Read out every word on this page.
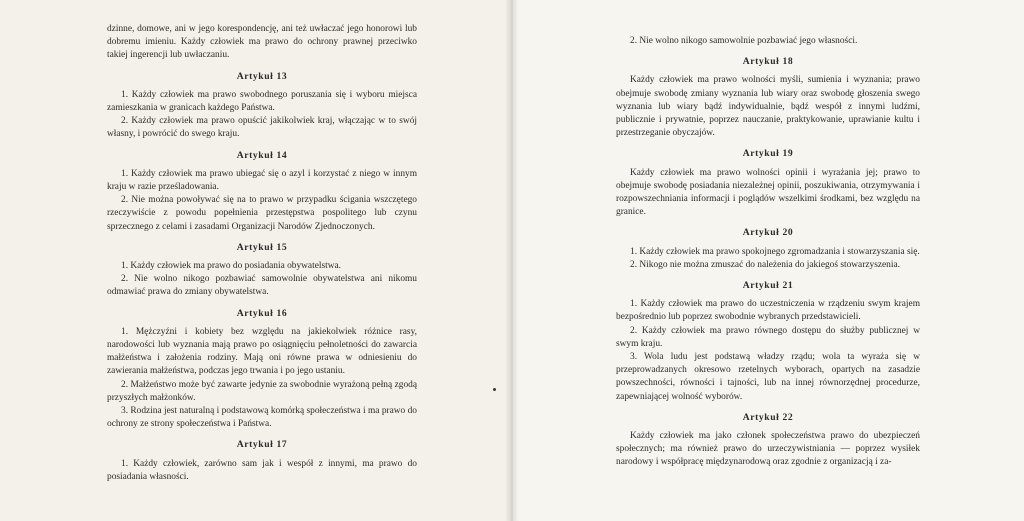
dzinne, domowe, ani w jego korespondencję, ani też uwłaczać jego honorowi lub dobremu imieniu. Każdy człowiek ma prawo do ochrony prawnej przeciwko takiej ingerencji lub uwłaczaniu.

Artykuł 13

1. Każdy człowiek ma prawo swobodnego poruszania się i wyboru miejsca zamieszkania w granicach każdego Państwa.

2. Każdy człowiek ma prawo opuścić jakikolwiek kraj, włączając w to swój własny, i powrócić do swego kraju.

Artykuł 14

1. Każdy człowiek ma prawo ubiegać się o azyl i korzystać z niego w innym kraju w razie prześladowania.

2. Nie można powoływać się na to prawo w przypadku ścigania wszczętego rzeczywiście z powodu popełnienia przestępstwa pospolitego lub czynu sprzecznego z celami i zasadami Organizacji Narodów Zjednoczonych.

Artykuł 15

1. Każdy człowiek ma prawo do posiadania obywatelstwa.

2. Nie wolno nikogo pozbawiać samowolnie obywatelstwa ani nikomu odmawiać prawa do zmiany obywatelstwa.

Artykuł 16

1. Mężczyźni i kobiety bez względu na jakiekolwiek różnice rasy, narodowości lub wyznania mają prawo po osiągnięciu pełnoletności do zawarcia małżeństwa i założenia rodziny. Mają oni równe prawa w odniesieniu do zawierania małżeństwa, podczas jego trwania i po jego ustaniu.

2. Małżeństwo może być zawarte jedynie za swobodnie wyrażoną pełną zgodą przyszłych małżonków.

3. Rodzina jest naturalną i podstawową komórką społeczeństwa i ma prawo do ochrony ze strony społeczeństwa i Państwa.

Artykuł 17

1. Każdy człowiek, zarówno sam jak i wespół z innymi, ma prawo do posiadania własności.

2. Nie wolno nikogo samowolnie pozbawiać jego własności.

Artykuł 18

Każdy człowiek ma prawo wolności myśli, sumienia i wyznania; prawo obejmuje swobodę zmiany wyznania lub wiary oraz swobodę głoszenia swego wyznania lub wiary bądź indywidualnie, bądź wespół z innymi ludźmi, publicznie i prywatnie, poprzez nauczanie, praktykowanie, uprawianie kultu i przestrzeganie obyczajów.

Artykuł 19

Każdy człowiek ma prawo wolności opinii i wyrażania jej; prawo to obejmuje swobodę posiadania niezależnej opinii, poszukiwania, otrzymywania i rozpowszechniania informacji i poglądów wszelkimi środkami, bez względu na granice.

Artykuł 20

1. Każdy człowiek ma prawo spokojnego zgromadzania i stowarzyszania się.

2. Nikogo nie można zmuszać do należenia do jakiegoś stowarzyszenia.

Artykuł 21

1. Każdy człowiek ma prawo do uczestniczenia w rządzeniu swym krajem bezpośrednio lub poprzez swobodnie wybranych przedstawicieli.

2. Każdy człowiek ma prawo równego dostępu do służby publicznej w swym kraju.

3. Wola ludu jest podstawą władzy rządu; wola ta wyraża się w przeprowadzanych okresowo rzetelnych wyborach, opartych na zasadzie powszechności, równości i tajności, lub na innej równorzędnej procedurze, zapewniającej wolność wyborów.

Artykuł 22

Każdy człowiek ma jako członek społeczeństwa prawo do ubezpieczeń społecznych; ma również prawo do urzeczywistniania — poprzez wysiłek narodowy i współpracę międzynarodową oraz zgodnie z organizacją i za-
